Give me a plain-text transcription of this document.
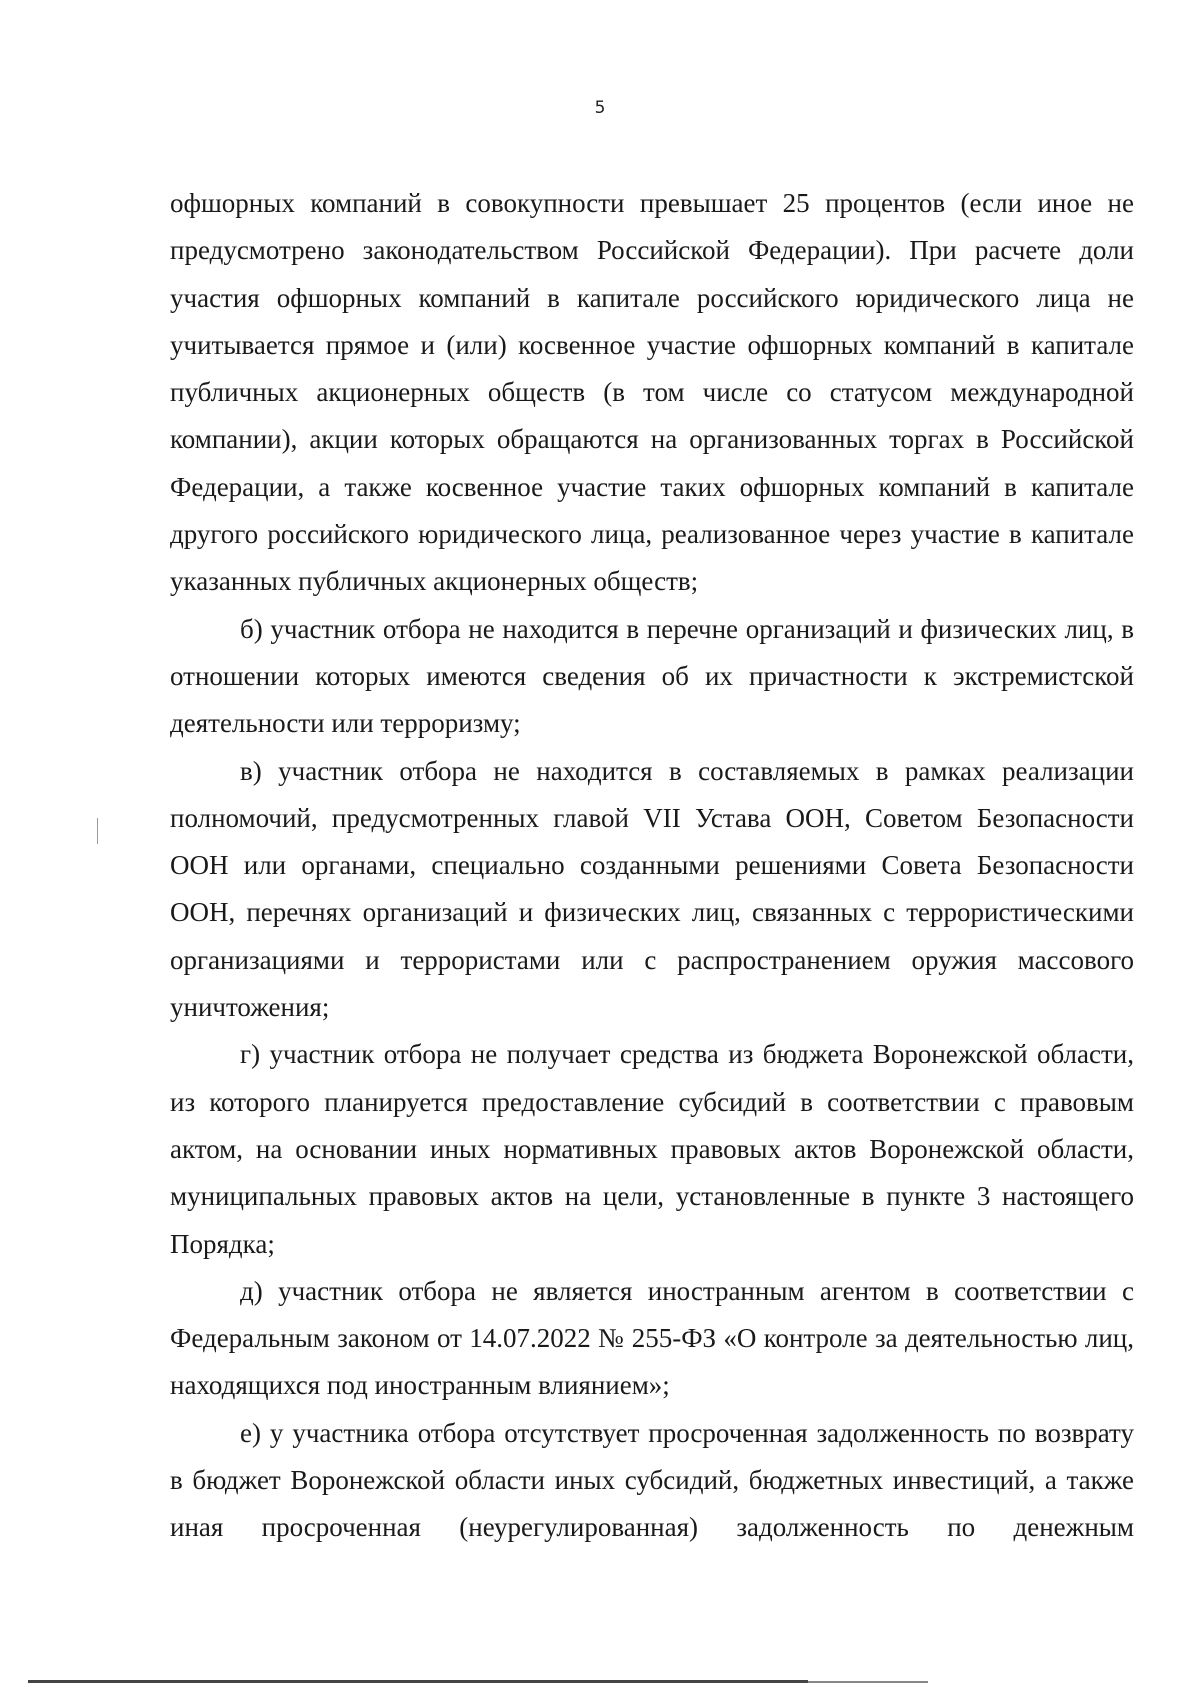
5

офшорных компаний в совокупности превышает 25 процентов (если иное не предусмотрено законодательством Российской Федерации). При расчете доли участия офшорных компаний в капитале российского юридического лица не учитывается прямое и (или) косвенное участие офшорных компаний в капитале публичных акционерных обществ (в том числе со статусом международной компании), акции которых обращаются на организованных торгах в Российской Федерации, а также косвенное участие таких офшорных компаний в капитале другого российского юридического лица, реализованное через участие в капитале указанных публичных акционерных обществ;

б) участник отбора не находится в перечне организаций и физических лиц, в отношении которых имеются сведения об их причастности к экстремистской деятельности или терроризму;

в) участник отбора не находится в составляемых в рамках реализации полномочий, предусмотренных главой VII Устава ООН, Советом Безопасности ООН или органами, специально созданными решениями Совета Безопасности ООН, перечнях организаций и физических лиц, связанных с террористическими организациями и террористами или с распространением оружия массового уничтожения;

г) участник отбора не получает средства из бюджета Воронежской области, из которого планируется предоставление субсидий в соответствии с правовым актом, на основании иных нормативных правовых актов Воронежской области, муниципальных правовых актов на цели, установленные в пункте 3 настоящего Порядка;

д) участник отбора не является иностранным агентом в соответствии с Федеральным законом от 14.07.2022 № 255-ФЗ «О контроле за деятельностью лиц, находящихся под иностранным влиянием»;

е) у участника отбора отсутствует просроченная задолженность по возврату в бюджет Воронежской области иных субсидий, бюджетных инвестиций, а также иная просроченная (неурегулированная) задолженность по денежным
